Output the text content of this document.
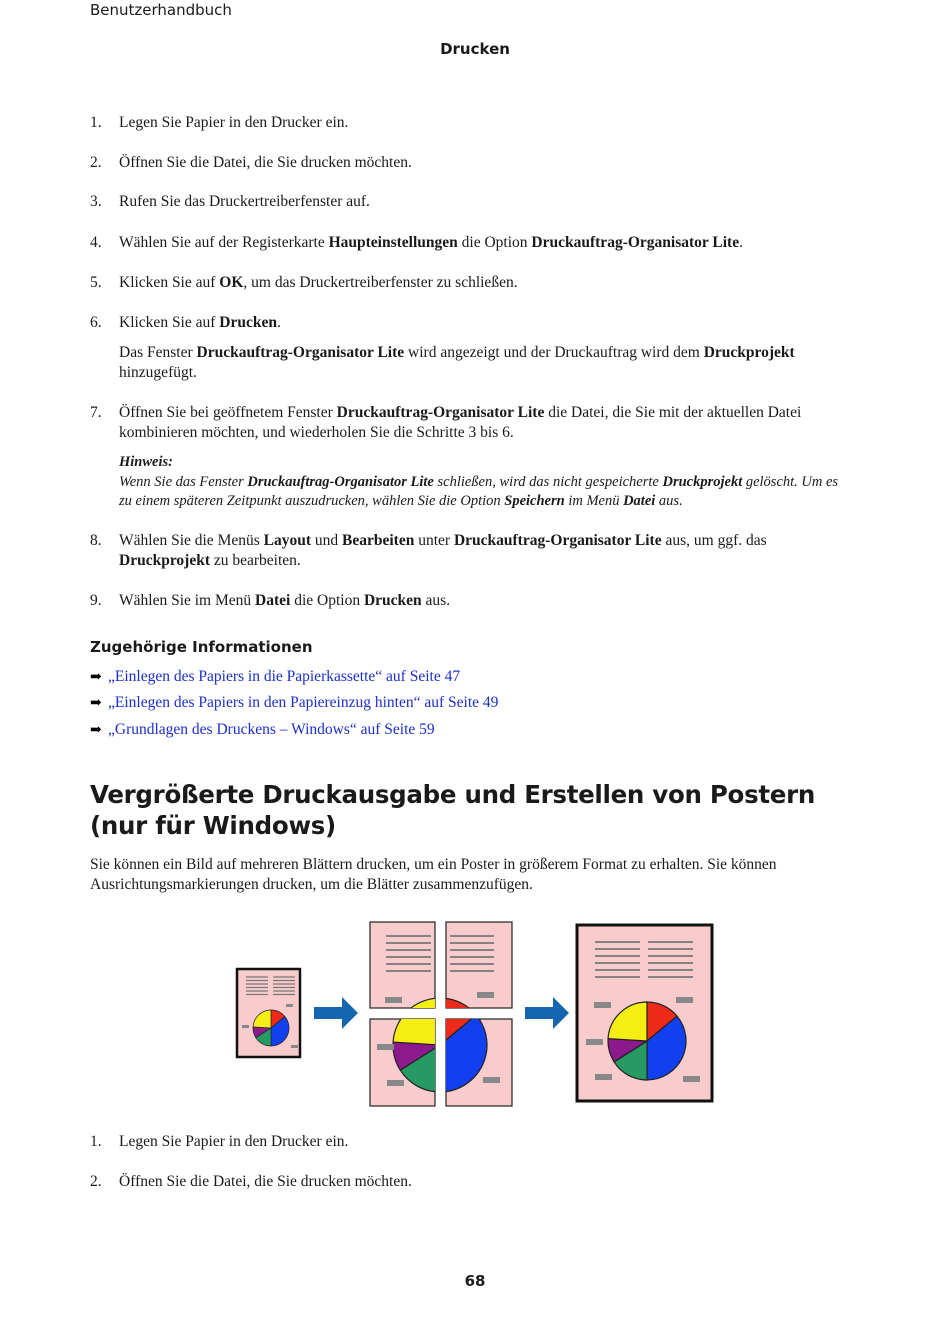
Benutzerhandbuch
Drucken
1.	Legen Sie Papier in den Drucker ein.
2.	Öffnen Sie die Datei, die Sie drucken möchten.
3.	Rufen Sie das Druckertreiberfenster auf.
4.	Wählen Sie auf der Registerkarte Haupteinstellungen die Option Druckauftrag-Organisator Lite.
5.	Klicken Sie auf OK, um das Druckertreiberfenster zu schließen.
6.	Klicken Sie auf Drucken.
Das Fenster Druckauftrag-Organisator Lite wird angezeigt und der Druckauftrag wird dem Druckprojekt hinzugefügt.
7.	Öffnen Sie bei geöffnetem Fenster Druckauftrag-Organisator Lite die Datei, die Sie mit der aktuellen Datei kombinieren möchten, und wiederholen Sie die Schritte 3 bis 6.
Hinweis:
Wenn Sie das Fenster Druckauftrag-Organisator Lite schließen, wird das nicht gespeicherte Druckprojekt gelöscht. Um es zu einem späteren Zeitpunkt auszudrucken, wählen Sie die Option Speichern im Menü Datei aus.
8.	Wählen Sie die Menüs Layout und Bearbeiten unter Druckauftrag-Organisator Lite aus, um ggf. das Druckprojekt zu bearbeiten.
9.	Wählen Sie im Menü Datei die Option Drucken aus.
Zugehörige Informationen
➡ „Einlegen des Papiers in die Papierkassette“ auf Seite 47
➡ „Einlegen des Papiers in den Papiereinzug hinten“ auf Seite 49
➡ „Grundlagen des Druckens – Windows“ auf Seite 59
Vergrößerte Druckausgabe und Erstellen von Postern (nur für Windows)
Sie können ein Bild auf mehreren Blättern drucken, um ein Poster in größerem Format zu erhalten. Sie können Ausrichtungsmarkierungen drucken, um die Blätter zusammenzufügen.
1.	Legen Sie Papier in den Drucker ein.
2.	Öffnen Sie die Datei, die Sie drucken möchten.
68
